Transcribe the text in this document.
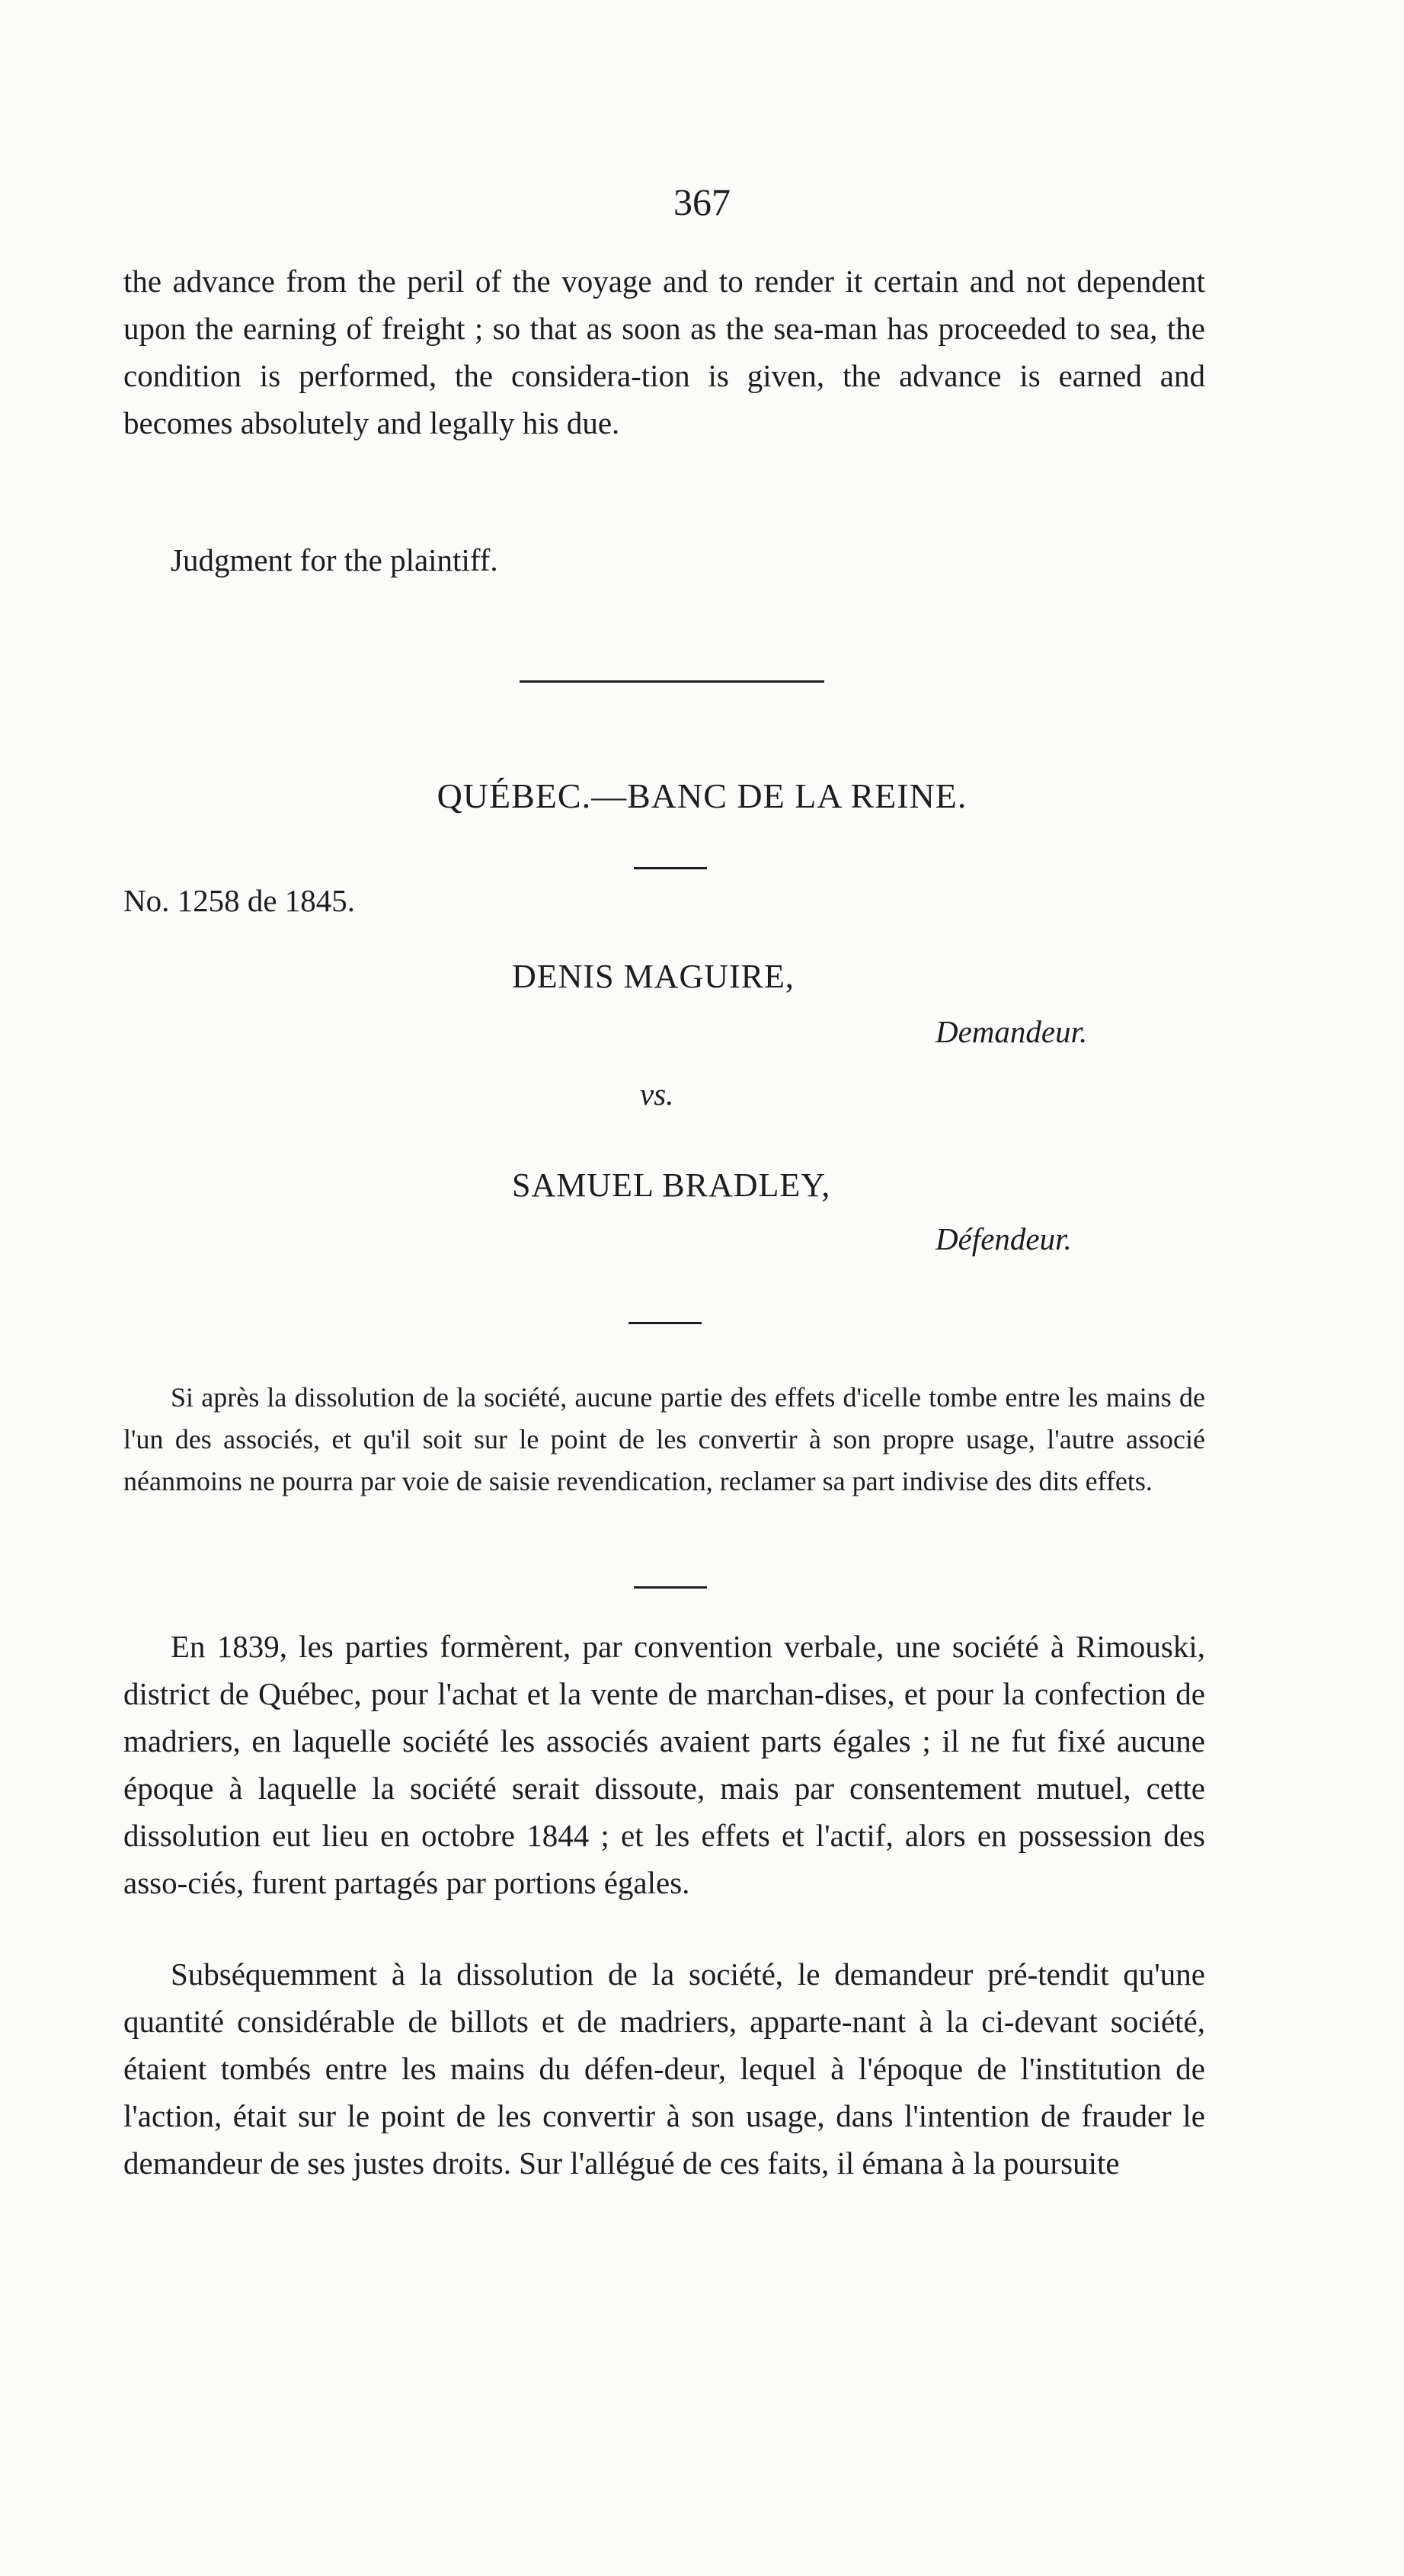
367
the advance from the peril of the voyage and to render it certain and not dependent upon the earning of freight ; so that as soon as the sea-man has proceeded to sea, the condition is performed, the considera-tion is given, the advance is earned and becomes absolutely and legally his due.
Judgment for the plaintiff.
QUÉBEC.—BANC DE LA REINE.
No. 1258 de 1845.
DENIS MAGUIRE,
Demandeur.
vs.
SAMUEL BRADLEY,
Défendeur.
Si après la dissolution de la société, aucune partie des effets d'icelle tombe entre les mains de l'un des associés, et qu'il soit sur le point de les convertir à son propre usage, l'autre associé néanmoins ne pourra par voie de saisie revendication, reclamer sa part indivise des dits effets.
En 1839, les parties formèrent, par convention verbale, une société à Rimouski, district de Québec, pour l'achat et la vente de marchan-dises, et pour la confection de madriers, en laquelle société les associés avaient parts égales ; il ne fut fixé aucune époque à laquelle la société serait dissoute, mais par consentement mutuel, cette dissolution eut lieu en octobre 1844 ; et les effets et l'actif, alors en possession des asso-ciés, furent partagés par portions égales.
Subséquemment à la dissolution de la société, le demandeur pré-tendit qu'une quantité considérable de billots et de madriers, apparte-nant à la ci-devant société, étaient tombés entre les mains du défen-deur, lequel à l'époque de l'institution de l'action, était sur le point de les convertir à son usage, dans l'intention de frauder le demandeur de ses justes droits. Sur l'allégué de ces faits, il émana à la poursuite
